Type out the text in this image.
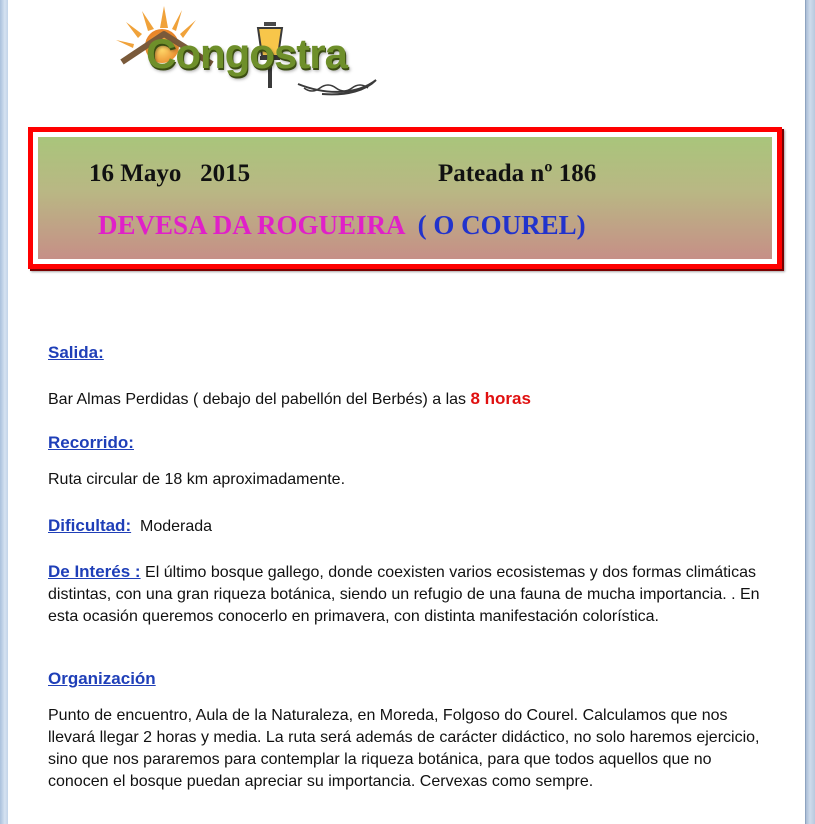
Congostra
16 Mayo   2015	Pateada nº 186
DEVESA DA ROGUEIRA ( O COUREL)

Salida:

Bar Almas Perdidas ( debajo del pabellón del Berbés) a las 8 horas

Recorrido:

Ruta circular de 18 km aproximadamente.

Dificultad: Moderada

De Interés : El último bosque gallego, donde coexisten varios ecosistemas y dos formas climáticas distintas, con una gran riqueza botánica, siendo un refugio de una fauna de mucha importancia. . En esta ocasión queremos conocerlo en primavera, con distinta manifestación colorística.

Organización

Punto de encuentro, Aula de la Naturaleza, en Moreda, Folgoso do Courel. Calculamos que nos llevará llegar 2 horas y media. La ruta será además de carácter didáctico, no solo haremos ejercicio, sino que nos pararemos para contemplar la riqueza botánica, para que todos aquellos que no conocen el bosque puedan apreciar su importancia. Cervexas como sempre.
